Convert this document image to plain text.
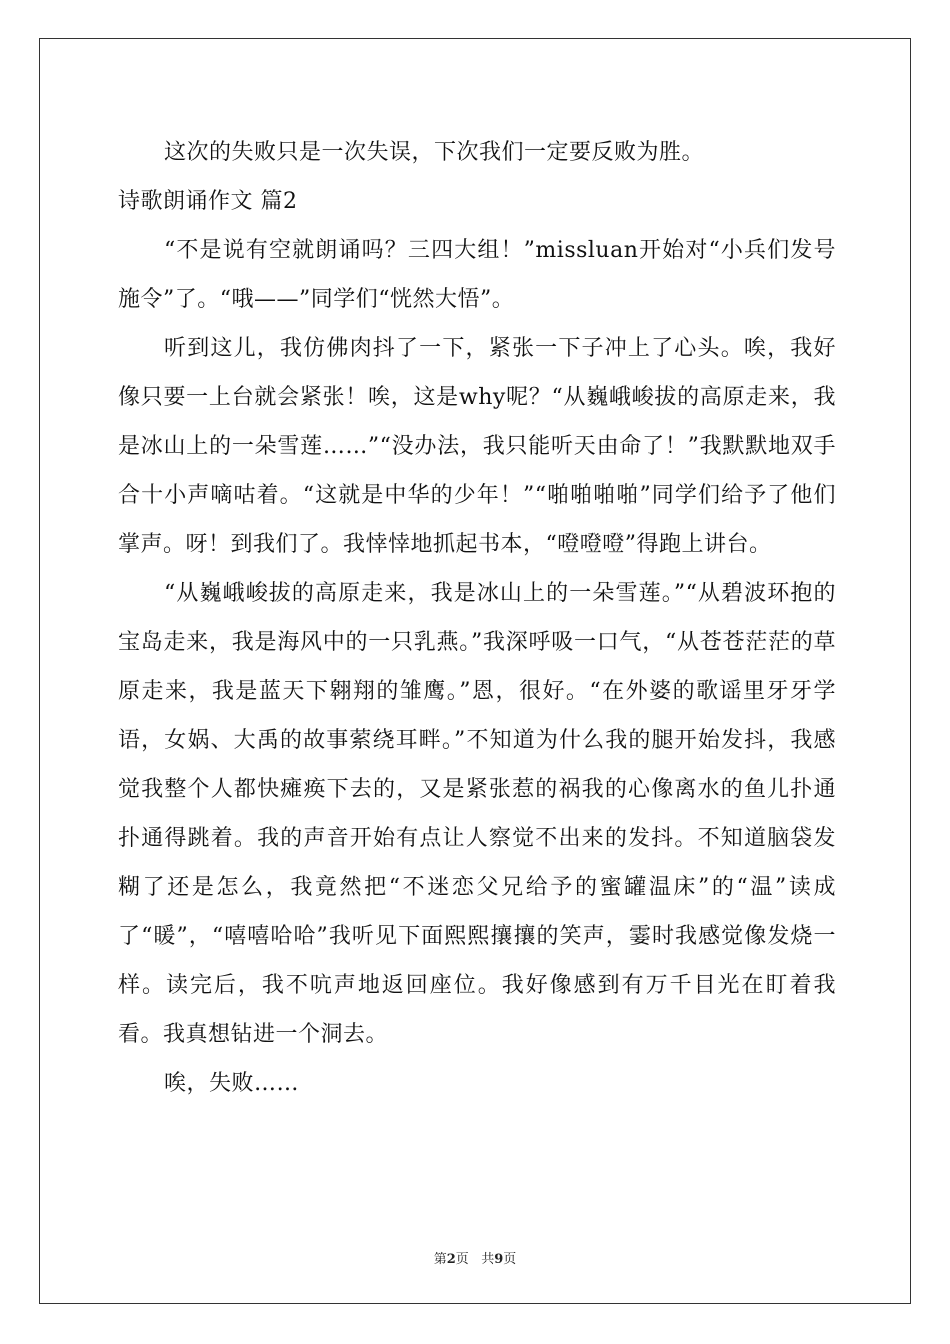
这次的失败只是一次失误，下次我们一定要反败为胜。

诗歌朗诵作文 篇2

“不是说有空就朗诵吗？三四大组！”missluan开始对“小兵们发号施令”了。“哦——”同学们“恍然大悟”。

听到这儿，我仿佛肉抖了一下，紧张一下子冲上了心头。唉，我好像只要一上台就会紧张！唉，这是why呢？“从巍峨峻拔的高原走来，我是冰山上的一朵雪莲……”“没办法，我只能听天由命了！”我默默地双手合十小声嘀咕着。“这就是中华的少年！”“啪啪啪啪”同学们给予了他们掌声。呀！到我们了。我悻悻地抓起书本，“噔噔噔”得跑上讲台。

“从巍峨峻拔的高原走来，我是冰山上的一朵雪莲。”“从碧波环抱的宝岛走来，我是海风中的一只乳燕。”我深呼吸一口气，“从苍苍茫茫的草原走来，我是蓝天下翱翔的雏鹰。”恩，很好。“在外婆的歌谣里牙牙学语，女娲、大禹的故事萦绕耳畔。”不知道为什么我的腿开始发抖，我感觉我整个人都快瘫痪下去的，又是紧张惹的祸我的心像离水的鱼儿扑通扑通得跳着。我的声音开始有点让人察觉不出来的发抖。不知道脑袋发糊了还是怎么，我竟然把“不迷恋父兄给予的蜜罐温床”的“温”读成了“暖”，“嘻嘻哈哈”我听见下面熙熙攘攘的笑声，霎时我感觉像发烧一样。读完后，我不吭声地返回座位。我好像感到有万千目光在盯着我看。我真想钻进一个洞去。

唉，失败……

第2页   共9页
